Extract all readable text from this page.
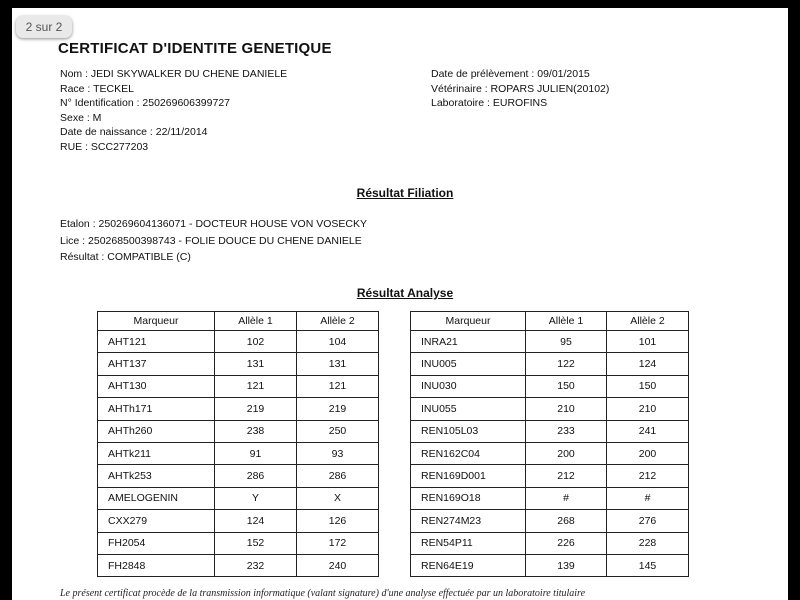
2 sur 2
CERTIFICAT D'IDENTITE GENETIQUE
Nom : JEDI SKYWALKER DU CHENE DANIELE
Race : TECKEL
N° Identification : 250269606399727
Sexe : M
Date de naissance : 22/11/2014
RUE : SCC277203
Date de prélèvement : 09/01/2015
Vétérinaire : ROPARS JULIEN(20102)
Laboratoire : EUROFINS
Résultat Filiation
Etalon : 250269604136071 - DOCTEUR HOUSE VON VOSECKY
Lice : 250268500398743 - FOLIE DOUCE DU CHENE DANIELE
Résultat : COMPATIBLE (C)
Résultat Analyse
Marqueur	Allèle 1	Allèle 2
AHT121	102	104
AHT137	131	131
AHT130	121	121
AHTh171	219	219
AHTh260	238	250
AHTk211	91	93
AHTk253	286	286
AMELOGENIN	Y	X
CXX279	124	126
FH2054	152	172
FH2848	232	240
Marqueur	Allèle 1	Allèle 2
INRA21	95	101
INU005	122	124
INU030	150	150
INU055	210	210
REN105L03	233	241
REN162C04	200	200
REN169D001	212	212
REN169O18	#	#
REN274M23	268	276
REN54P11	226	228
REN64E19	139	145
Le présent certificat procède de la transmission informatique (valant signature) d'une analyse effectuée par un laboratoire titulaire
